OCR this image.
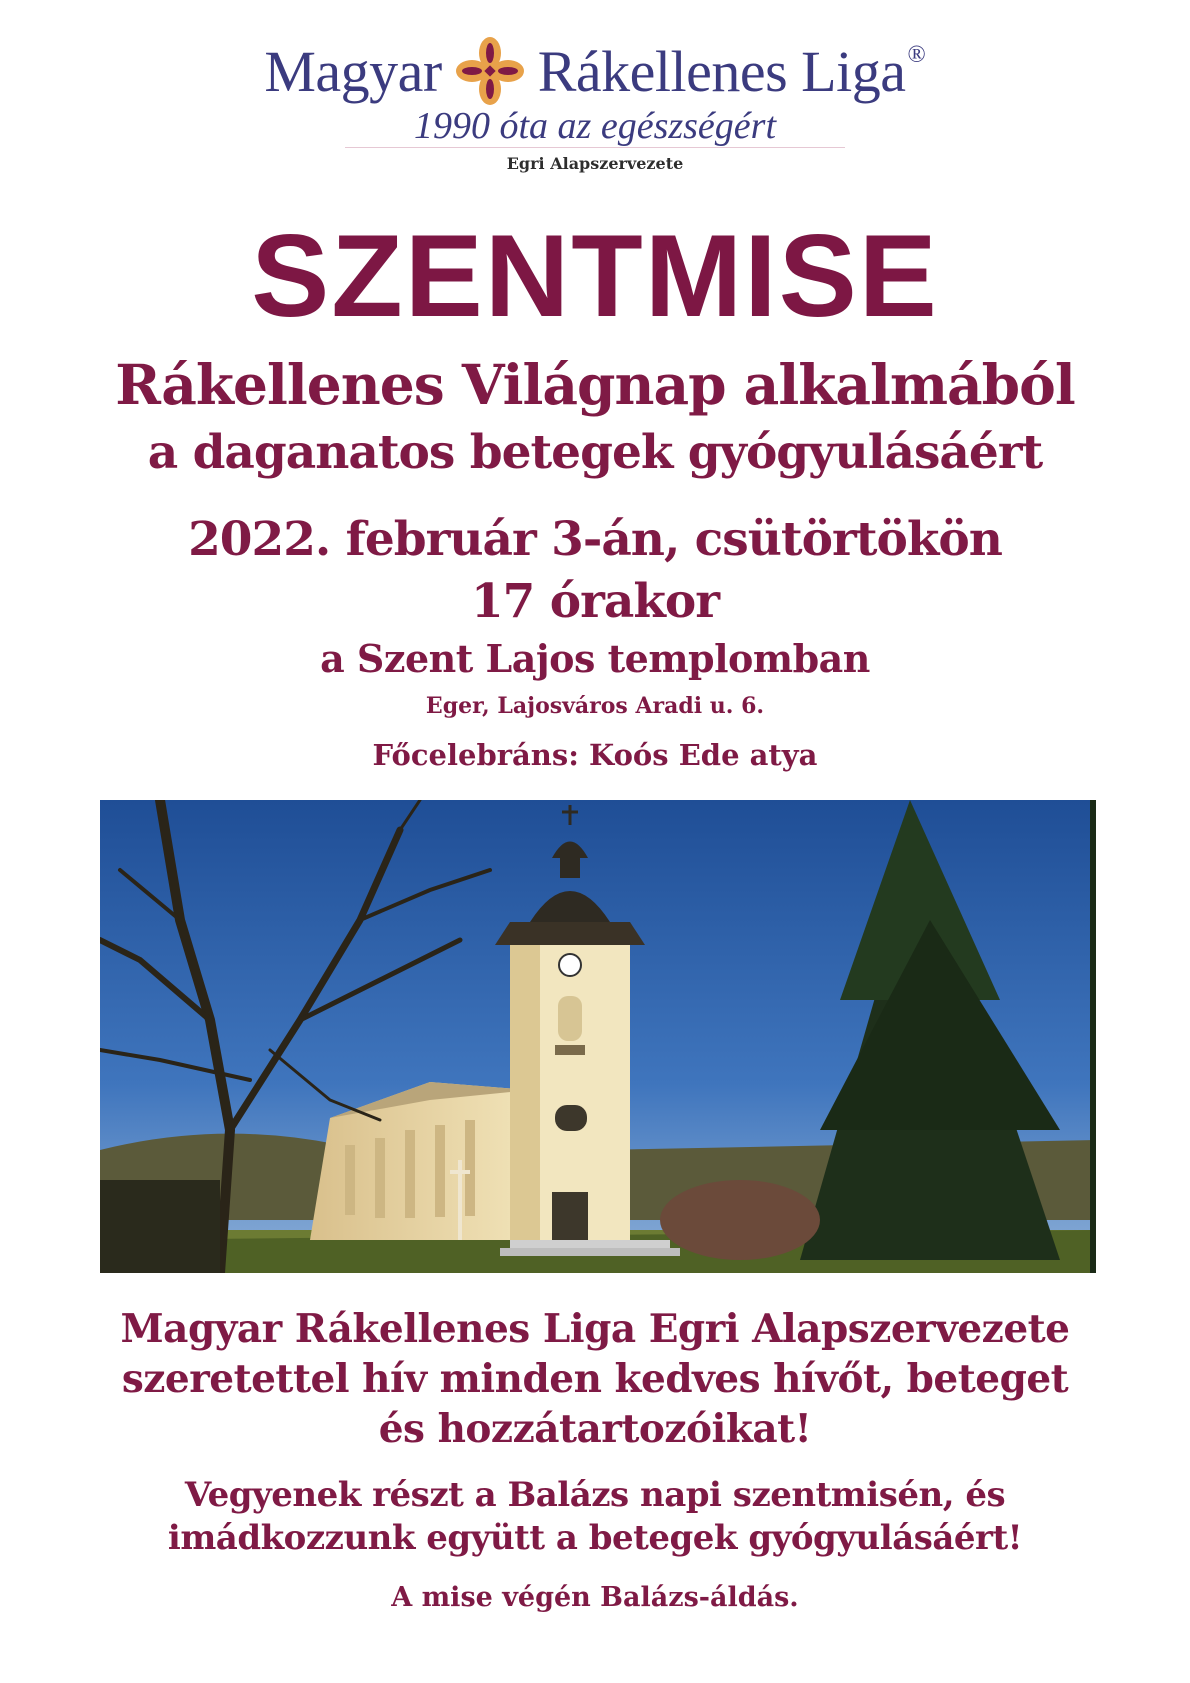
Magyar Rákellenes Liga ®
1990 óta az egészségért
Egri Alapszervezete
SZENTMISE
Rákellenes Világnap alkalmából
a daganatos betegek gyógyulásáért
2022. február 3-án, csütörtökön
17 órakor
a Szent Lajos templomban
Eger, Lajosváros Aradi u. 6.
Főcelebráns: Koós Ede atya
Magyar Rákellenes Liga Egri Alapszervezete
szeretettel hív minden kedves hívőt, beteget
és hozzátartozóikat!
Vegyenek részt a Balázs napi szentmisén, és
imádkozzunk együtt a betegek gyógyulásáért!
A mise végén Balázs-áldás.
